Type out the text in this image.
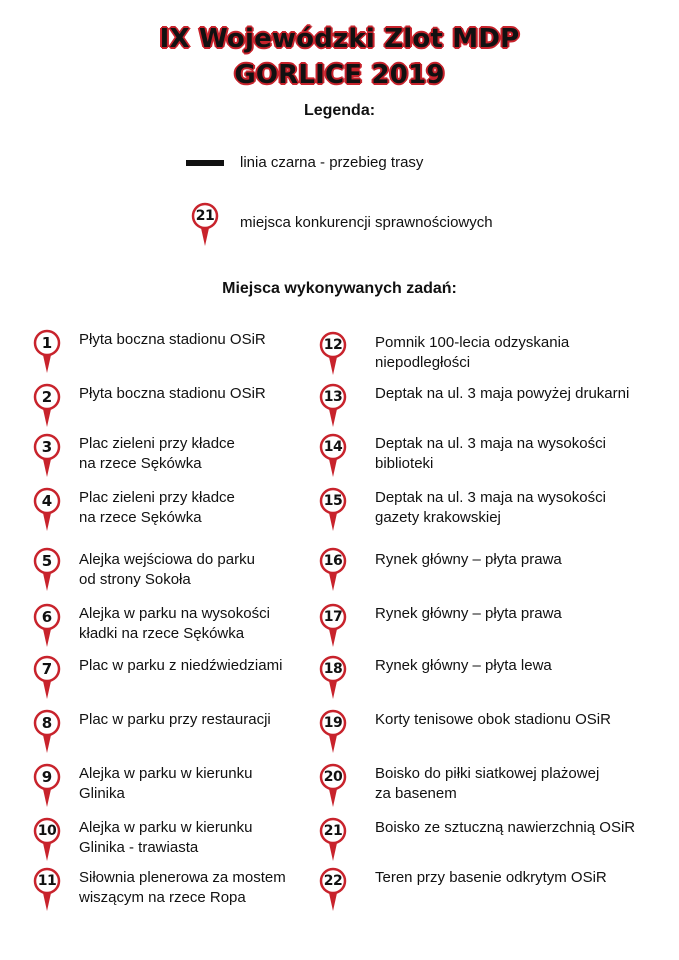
IX Wojewódzki Zlot MDP
GORLICE 2019
Legenda:
linia czarna - przebieg trasy
21	miejsca konkurencji sprawnościowych
Miejsca wykonywanych zadań:
1	Płyta boczna stadionu OSiR
2	Płyta boczna stadionu OSiR
3	Plac zieleni przy kładce
na rzece Sękówka
4	Plac zieleni przy kładce
na rzece Sękówka
5	Alejka wejściowa do parku
od strony Sokoła
6	Alejka w parku na wysokości
kładki na rzece Sękówka
7	Plac w parku z niedźwiedziami
8	Plac w parku przy restauracji
9	Alejka w parku w kierunku
Glinika
10	Alejka w parku w kierunku
Glinika - trawiasta
11	Siłownia plenerowa za mostem
wiszącym na rzece Ropa
12	Pomnik 100-lecia odzyskania
niepodległości
13	Deptak na ul. 3 maja powyżej drukarni
14	Deptak na ul. 3 maja na wysokości
biblioteki
15	Deptak na ul. 3 maja na wysokości
gazety krakowskiej
16	Rynek główny – płyta prawa
17	Rynek główny – płyta prawa
18	Rynek główny – płyta lewa
19	Korty tenisowe obok stadionu OSiR
20	Boisko do piłki siatkowej plażowej
za basenem
21	Boisko ze sztuczną nawierzchnią OSiR
22	Teren przy basenie odkrytym OSiR
